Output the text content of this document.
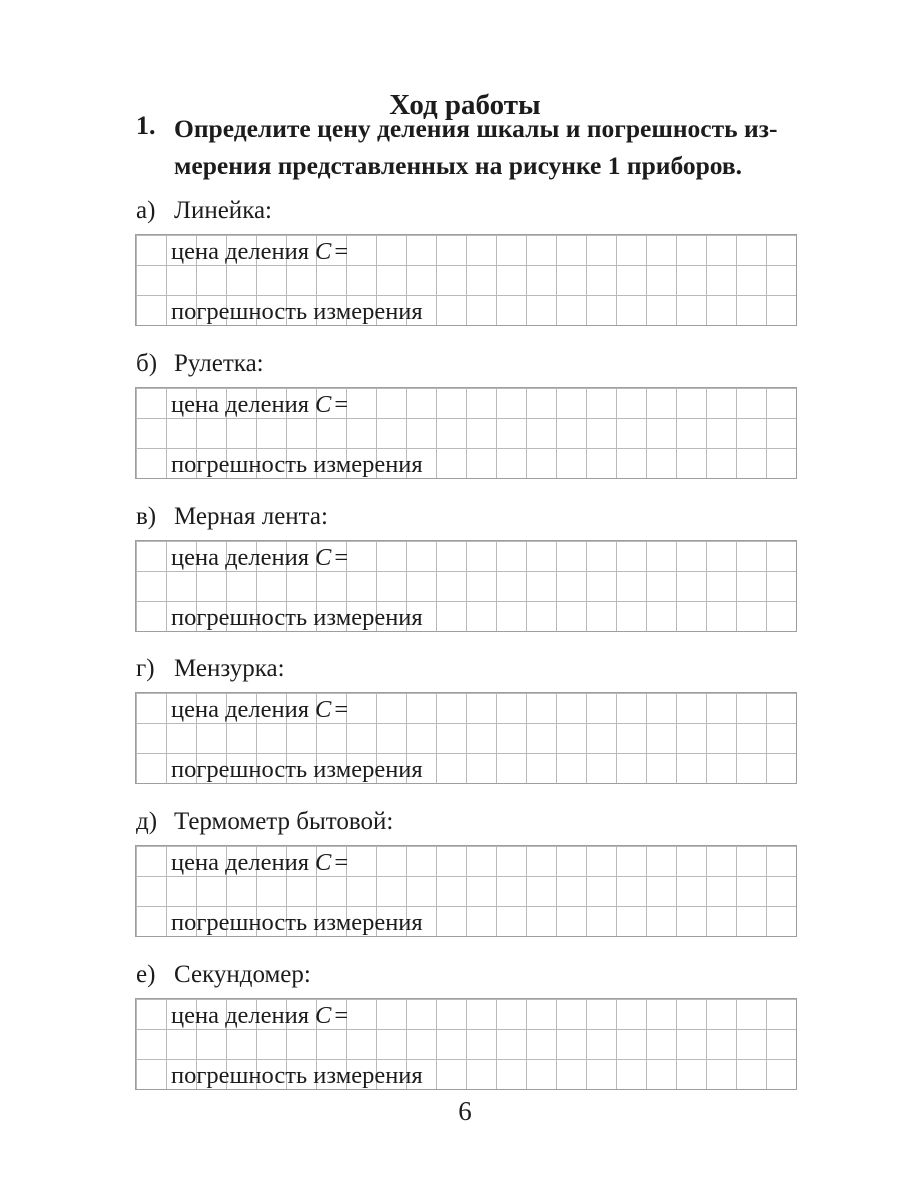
Ход работы
1. Определите цену деления шкалы и погрешность из-
мерения представленных на рисунке 1 приборов.
а) Линейка:
цена деления C =
погрешность измерения
б) Рулетка:
цена деления C =
погрешность измерения
в) Мерная лента:
цена деления C =
погрешность измерения
г) Мензурка:
цена деления C =
погрешность измерения
д) Термометр бытовой:
цена деления C =
погрешность измерения
е) Секундомер:
цена деления C =
погрешность измерения
6
